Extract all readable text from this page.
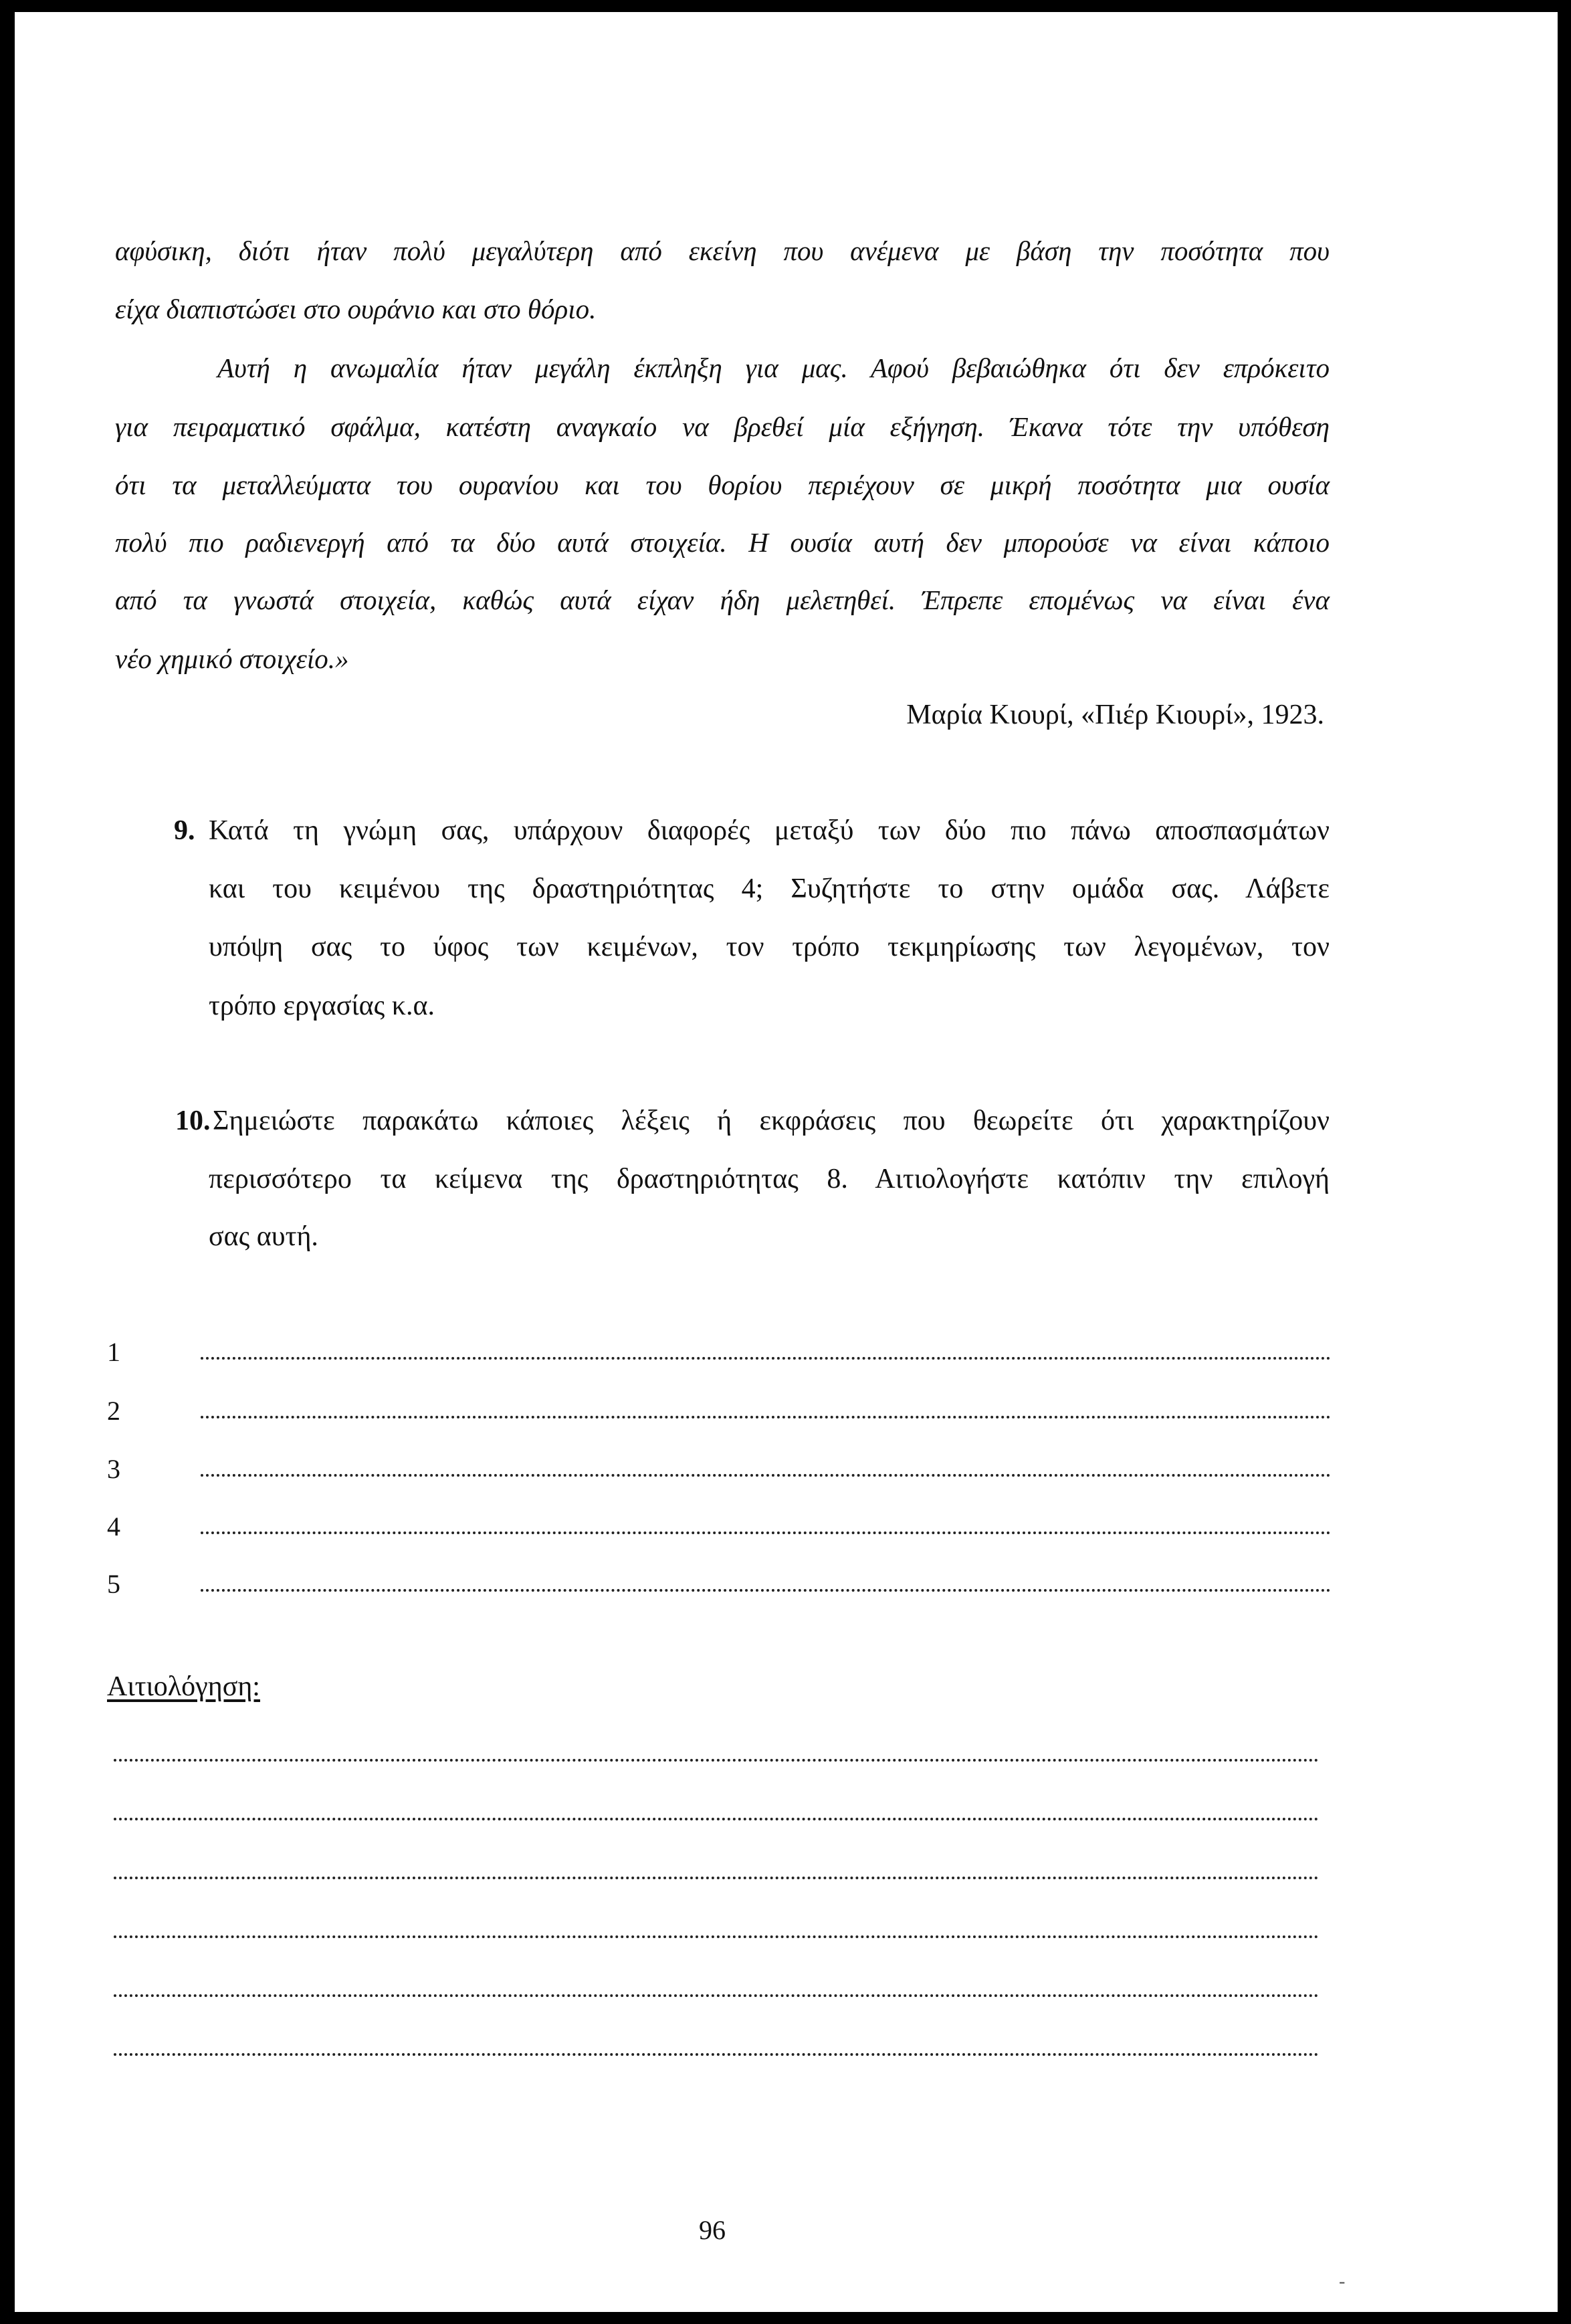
αφύσικη, διότι ήταν πολύ μεγαλύτερη από εκείνη που ανέμενα με βάση την ποσότητα που
είχα διαπιστώσει στο ουράνιο και στο θόριο.
Αυτή η ανωμαλία ήταν μεγάλη έκπληξη για μας. Αφού βεβαιώθηκα ότι δεν επρόκειτο
για πειραματικό σφάλμα, κατέστη αναγκαίο να βρεθεί μία εξήγηση. Έκανα τότε την υπόθεση
ότι τα μεταλλεύματα του ουρανίου και του θορίου περιέχουν σε μικρή ποσότητα μια ουσία
πολύ πιο ραδιενεργή από τα δύο αυτά στοιχεία. Η ουσία αυτή δεν μπορούσε να είναι κάποιο
από τα γνωστά στοιχεία, καθώς αυτά είχαν ήδη μελετηθεί. Έπρεπε επομένως να είναι ένα
νέο χημικό στοιχείο.»
Μαρία Κιουρί, «Πιέρ Κιουρί», 1923.
9. Κατά τη γνώμη σας, υπάρχουν διαφορές μεταξύ των δύο πιο πάνω αποσπασμάτων
και του κειμένου της δραστηριότητας 4; Συζητήστε το στην ομάδα σας. Λάβετε
υπόψη σας το ύφος των κειμένων, τον τρόπο τεκμηρίωσης των λεγομένων, τον
τρόπο εργασίας κ.α.
10. Σημειώστε παρακάτω κάποιες λέξεις ή εκφράσεις που θεωρείτε ότι χαρακτηρίζουν
περισσότερο τα κείμενα της δραστηριότητας 8. Αιτιολογήστε κατόπιν την επιλογή
σας αυτή.
1
2
3
4
5
Αιτιολόγηση:
-
96
